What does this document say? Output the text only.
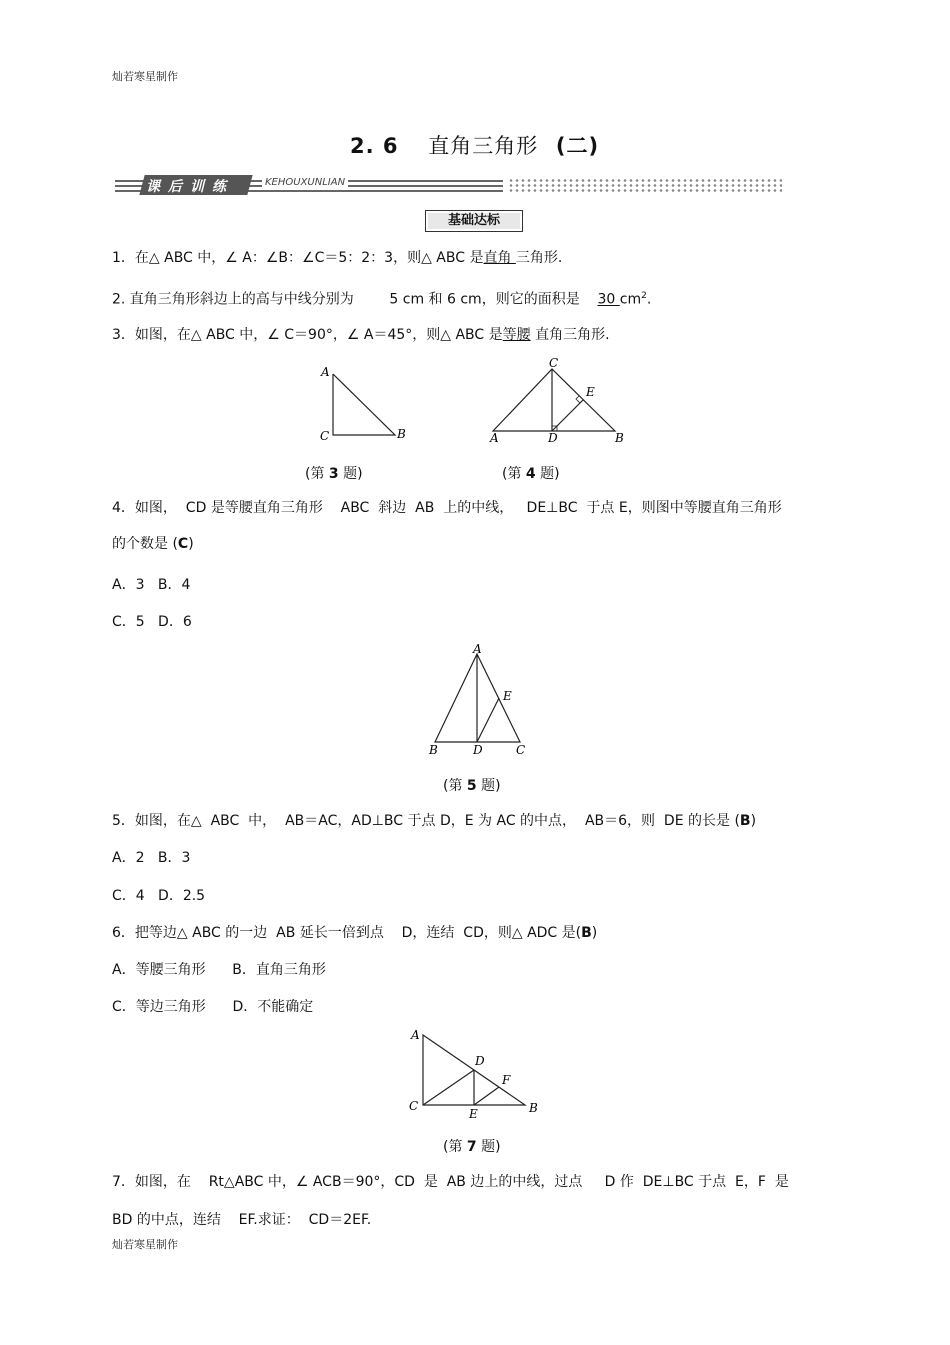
灿若寒星制作
2. 6 直角三角形 (二)
课后训练	KEHOUXUNLIAN
基础达标
1．在△ ABC 中，∠ A：∠B：∠C＝5：2：3，则△ ABC 是直角 三角形.
2. 直角三角形斜边上的高与中线分别为        5 cm 和 6 cm，则它的面积是    30 $cm^2$.
3．如图，在△ ABC 中，∠ C＝90°，∠ A＝45°，则△ ABC 是等腰 直角三角形.
A
C	B
C
E
A	D	B
(第 3 题)	(第 4 题)
4．如图，  CD 是等腰直角三角形    ABC  斜边  AB  上的中线，   DE⊥BC  于点 E，则图中等腰直角三角形
的个数是 (C)
A．3   B．4
C．5   D．6
A
E
B	D	C
(第 5 题)
5．如图，在△  ABC  中，  AB＝AC，AD⊥BC 于点 D，E 为 AC 的中点，  AB＝6，则  DE 的长是 (B)
A．2   B．3
C．4   D．2.5
6．把等边△ ABC 的一边  AB 延长一倍到点    D，连结  CD，则△ ADC 是(B)
A．等腰三角形      B．直角三角形
C．等边三角形      D．不能确定
A
D
F
C
E	B
(第 7 题)
7．如图，在    Rt△ABC 中，∠ ACB＝90°，CD  是  AB 边上的中线，过点     D 作  DE⊥BC 于点  E，F  是
BD 的中点，连结    EF.求证：  CD＝2EF.
灿若寒星制作
